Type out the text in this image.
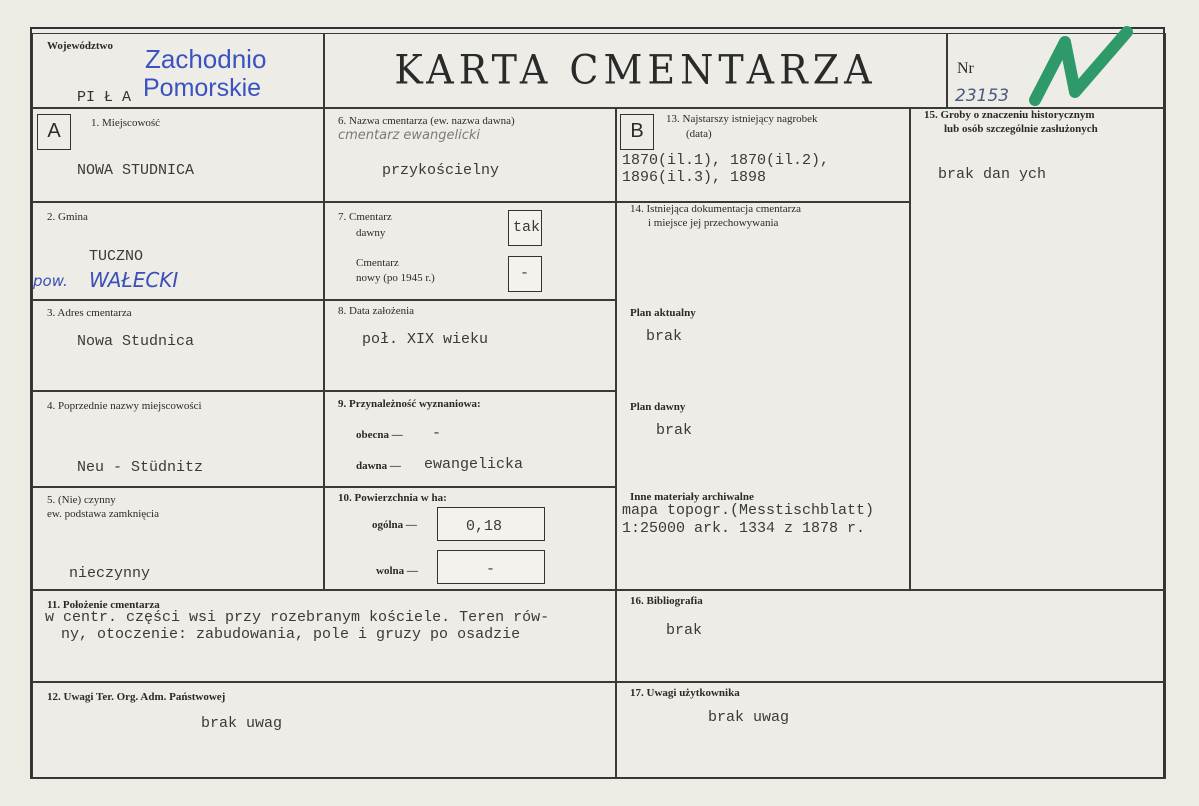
Województwo Zachodnio
Pomorskie
PI Ł A
KARTA CMENTARZA	Nr
23153
A	1. Miejscowość
NOWA STUDNICA
2. Gmina
TUCZNO
pow. WAŁECKI
3. Adres cmentarza
Nowa Studnica
4. Poprzednie nazwy miejscowości
Neu - Stüdnitz
5. (Nie) czynny
ew. podstawa zamknięcia
nieczynny
6. Nazwa cmentarza (ew. nazwa dawna)
cmentarz ewangelicki
przykościelny
7. Cmentarz
dawny	tak
Cmentarz
nowy (po 1945 r.)	-
8. Data założenia
poł. XIX wieku
9. Przynależność wyznaniowa:
obecna — -
dawna — ewangelicka
10. Powierzchnia w ha:
ogólna —	0,18
wolna —	-
B
13. Najstarszy istniejący nagrobek
(data)
1870(il.1), 1870(il.2),
1896(il.3), 1898
14. Istniejąca dokumentacja cmentarza
i miejsce jej przechowywania
Plan aktualny
brak
Plan dawny
brak
Inne materiały archiwalne
mapa topogr.(Messtischblatt)
1:25000 ark. 1334 z 1878 r.
15. Groby o znaczeniu historycznym
lub osób szczególnie zasłużonych
brak dan ych
11. Położenie cmentarza
w centr. części wsi przy rozebranym kościele. Teren rów-
ny, otoczenie: zabudowania, pole i gruzy po osadzie
16. Bibliografia
brak
12. Uwagi Ter. Org. Adm. Państwowej
brak uwag
17. Uwagi użytkownika
brak uwag
